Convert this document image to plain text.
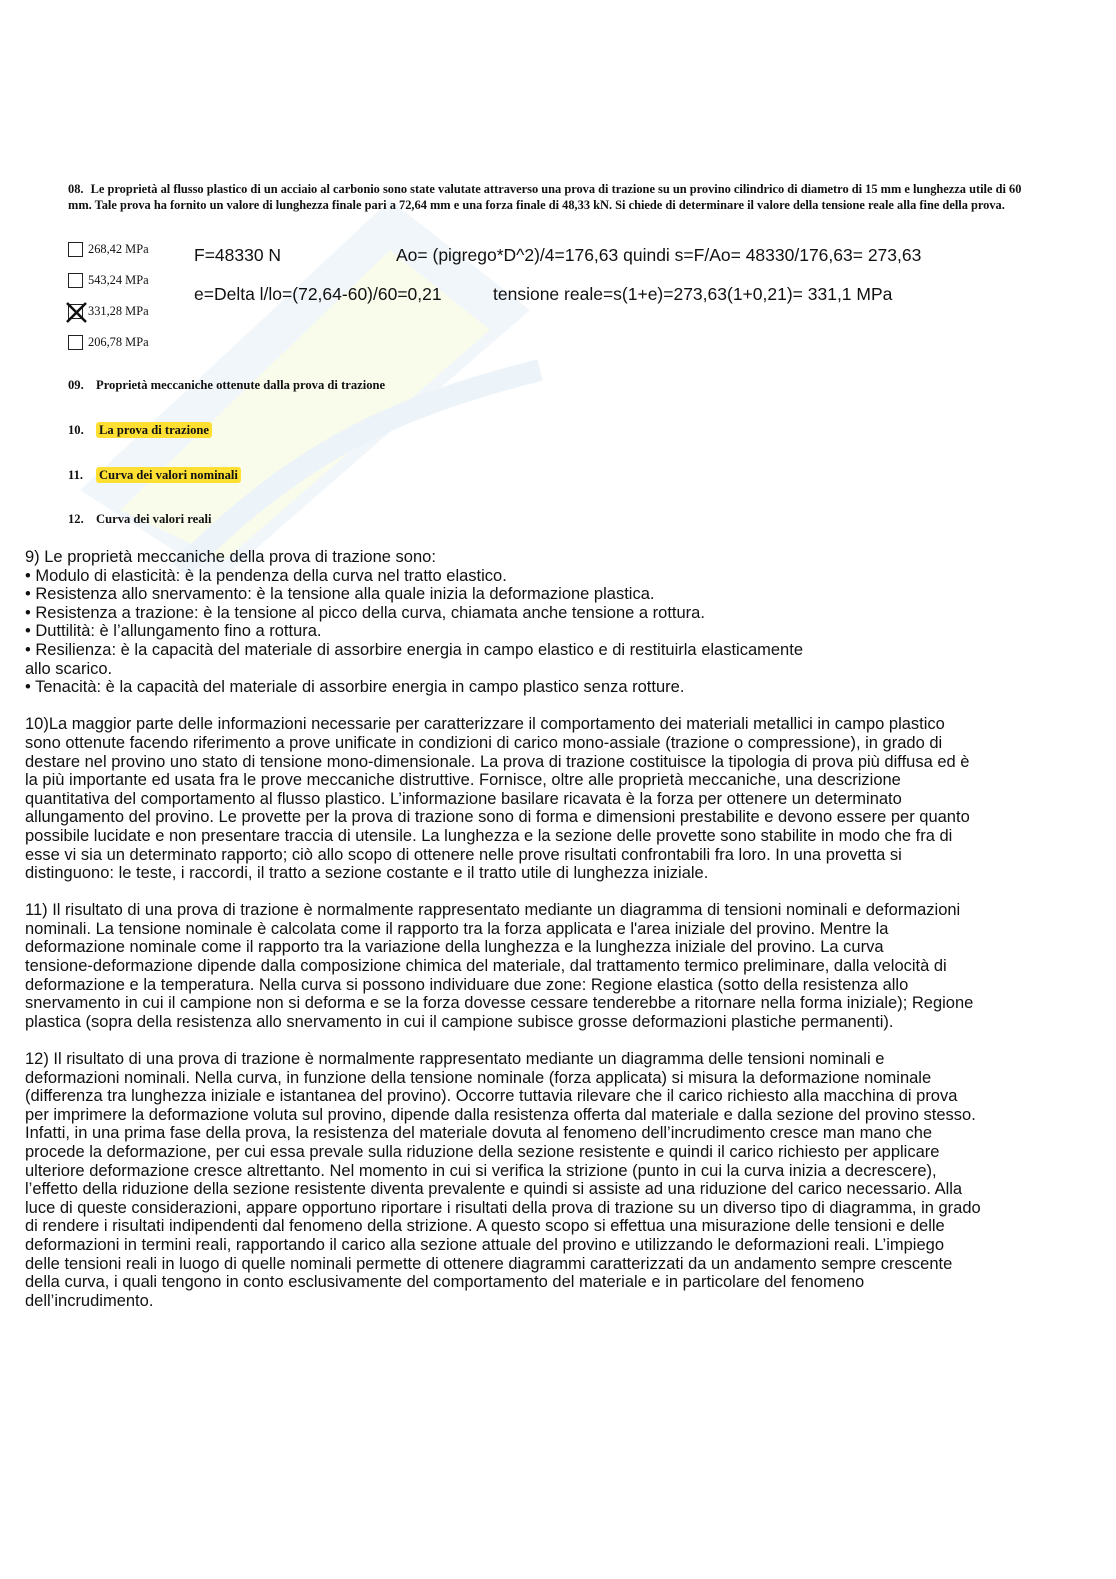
08. Le proprietà al flusso plastico di un acciaio al carbonio sono state valutate attraverso una prova di trazione su un provino cilindrico di diametro di 15 mm e lunghezza utile di 60 mm. Tale prova ha fornito un valore di lunghezza finale pari a 72,64 mm e una forza finale di 48,33 kN. Si chiede di determinare il valore della tensione reale alla fine della prova.
268,42 MPa
543,24 MPa
331,28 MPa
206,78 MPa
F=48330 N	Ao= (pigrego*D^2)/4=176,63 quindi s=F/Ao= 48330/176,63= 273,63
e=Delta l/lo=(72,64-60)/60=0,21	tensione reale=s(1+e)=273,63(1+0,21)= 331,1 MPa
09. Proprietà meccaniche ottenute dalla prova di trazione
10. La prova di trazione
11. Curva dei valori nominali
12. Curva dei valori reali

9) Le proprietà meccaniche della prova di trazione sono:
• Modulo di elasticità: è la pendenza della curva nel tratto elastico.
• Resistenza allo snervamento: è la tensione alla quale inizia la deformazione plastica.
• Resistenza a trazione: è la tensione al picco della curva, chiamata anche tensione a rottura.
• Duttilità: è l’allungamento fino a rottura.
• Resilienza: è la capacità del materiale di assorbire energia in campo elastico e di restituirla elasticamente
allo scarico.
• Tenacità: è la capacità del materiale di assorbire energia in campo plastico senza rotture.

10)La maggior parte delle informazioni necessarie per caratterizzare il comportamento dei materiali metallici in campo plastico
sono ottenute facendo riferimento a prove unificate in condizioni di carico mono-assiale (trazione o compressione), in grado di
destare nel provino uno stato di tensione mono-dimensionale. La prova di trazione costituisce la tipologia di prova più diffusa ed è
la più importante ed usata fra le prove meccaniche distruttive. Fornisce, oltre alle proprietà meccaniche, una descrizione
quantitativa del comportamento al flusso plastico. L’informazione basilare ricavata è la forza per ottenere un determinato
allungamento del provino. Le provette per la prova di trazione sono di forma e dimensioni prestabilite e devono essere per quanto
possibile lucidate e non presentare traccia di utensile. La lunghezza e la sezione delle provette sono stabilite in modo che fra di
esse vi sia un determinato rapporto; ciò allo scopo di ottenere nelle prove risultati confrontabili fra loro. In una provetta si
distinguono: le teste, i raccordi, il tratto a sezione costante e il tratto utile di lunghezza iniziale.

11) Il risultato di una prova di trazione è normalmente rappresentato mediante un diagramma di tensioni nominali e deformazioni
nominali. La tensione nominale è calcolata come il rapporto tra la forza applicata e l'area iniziale del provino. Mentre la
deformazione nominale come il rapporto tra la variazione della lunghezza e la lunghezza iniziale del provino. La curva
tensione-deformazione dipende dalla composizione chimica del materiale, dal trattamento termico preliminare, dalla velocità di
deformazione e la temperatura. Nella curva si possono individuare due zone: Regione elastica (sotto della resistenza allo
snervamento in cui il campione non si deforma e se la forza dovesse cessare tenderebbe a ritornare nella forma iniziale); Regione
plastica (sopra della resistenza allo snervamento in cui il campione subisce grosse deformazioni plastiche permanenti).

12) Il risultato di una prova di trazione è normalmente rappresentato mediante un diagramma delle tensioni nominali e
deformazioni nominali. Nella curva, in funzione della tensione nominale (forza applicata) si misura la deformazione nominale
(differenza tra lunghezza iniziale e istantanea del provino). Occorre tuttavia rilevare che il carico richiesto alla macchina di prova
per imprimere la deformazione voluta sul provino, dipende dalla resistenza offerta dal materiale e dalla sezione del provino stesso.
Infatti, in una prima fase della prova, la resistenza del materiale dovuta al fenomeno dell’incrudimento cresce man mano che
procede la deformazione, per cui essa prevale sulla riduzione della sezione resistente e quindi il carico richiesto per applicare
ulteriore deformazione cresce altrettanto. Nel momento in cui si verifica la strizione (punto in cui la curva inizia a decrescere),
l’effetto della riduzione della sezione resistente diventa prevalente e quindi si assiste ad una riduzione del carico necessario. Alla
luce di queste considerazioni, appare opportuno riportare i risultati della prova di trazione su un diverso tipo di diagramma, in grado
di rendere i risultati indipendenti dal fenomeno della strizione. A questo scopo si effettua una misurazione delle tensioni e delle
deformazioni in termini reali, rapportando il carico alla sezione attuale del provino e utilizzando le deformazioni reali. L’impiego
delle tensioni reali in luogo di quelle nominali permette di ottenere diagrammi caratterizzati da un andamento sempre crescente
della curva, i quali tengono in conto esclusivamente del comportamento del materiale e in particolare del fenomeno
dell’incrudimento.
